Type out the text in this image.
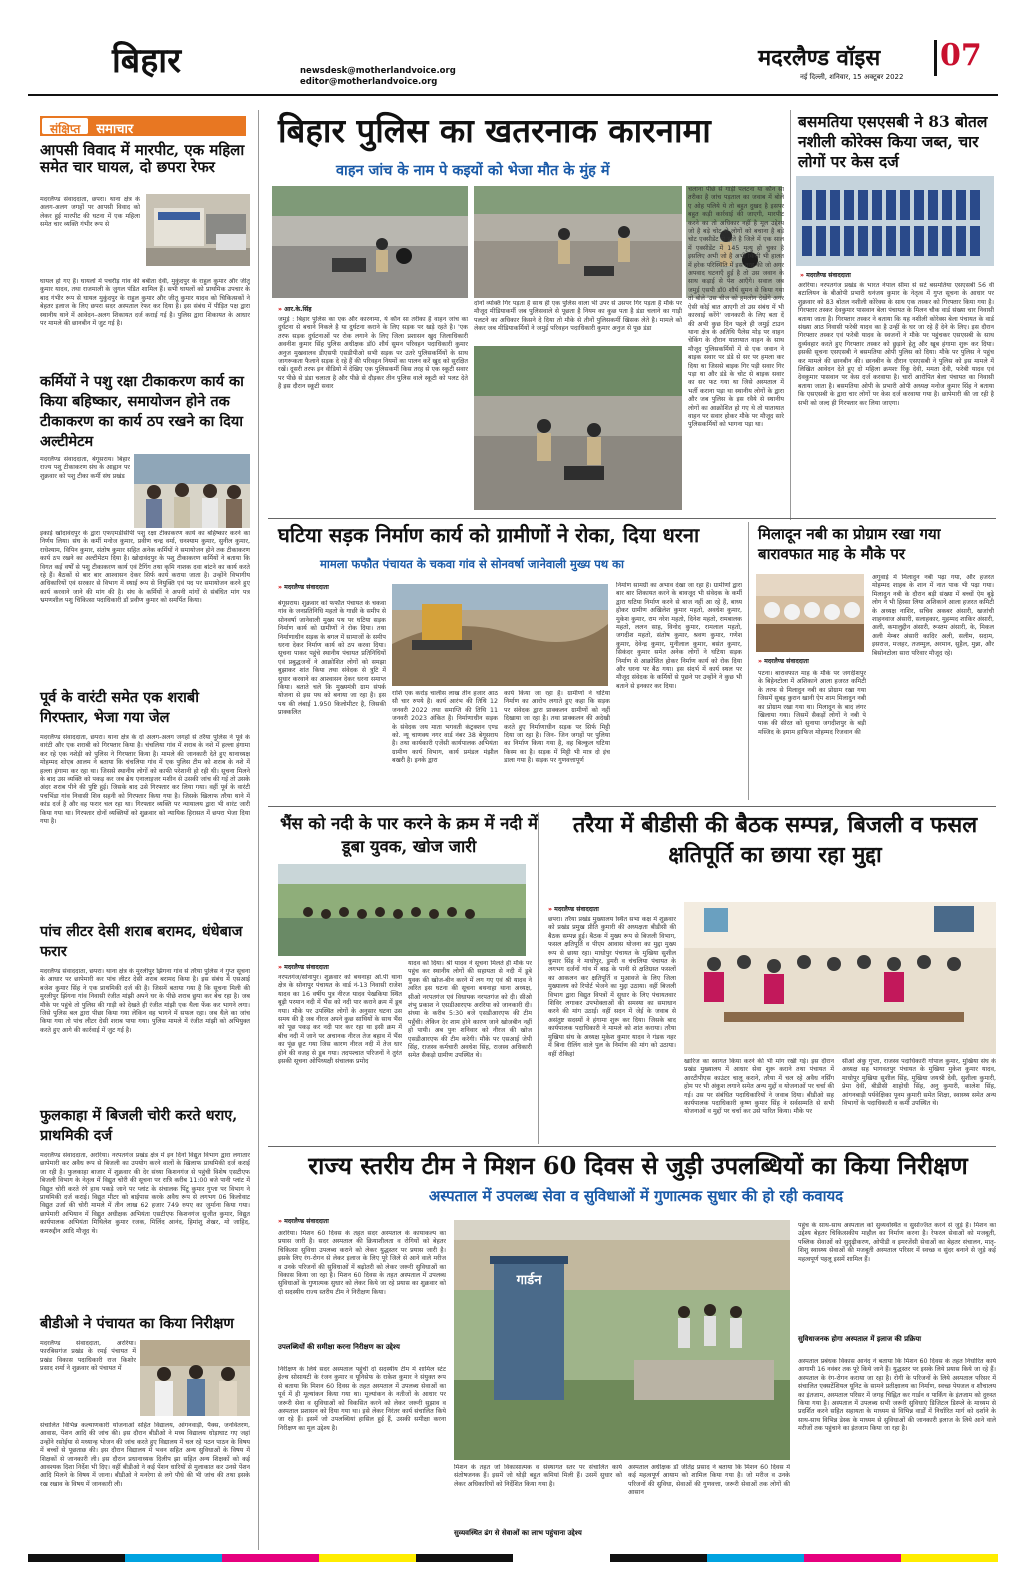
बिहार	newsdesk@motherlandvoice.org
editor@motherlandvoice.org
मदरलैण्ड वॉइस 07
नई दिल्ली, शनिवार, 15 अक्टूबर 2022
संक्षिप्त	समाचार
आपसी विवाद में मारपीट, एक महिला समेत चार घायल, दो छपरा रेफर
मदरलैण्ड संवाददाता, छपरा। थाना क्षेत्र के अलग-अलग जगहों पर आपसी विवाद को लेकर हुई मारपीट की घटना में एक महिला समेत चार व्यक्ति गंभीर रूप से
घायल हो गए हैं। घायलों में पचरौड़ गांव की बबीता देवी, मुकुंदपुर के राहुल कुमार और जीतू कुमार यादव, तथा राजमाली के जुगल पंडित शामिल हैं। सभी घायलों को प्राथमिक उपचार के बाद गंभीर रूप से घायल मुकुंदपुर के राहुल कुमार और जीतू कुमार यादव को चिकित्सकों ने बेहतर इलाज के लिए छपरा सदर अस्पताल रेफर कर दिया है। इस संबंध में पीड़ित पक्ष द्वारा स्थानीय थाने में आवेदन–अलग शिकायत दर्ज कराई गई है। पुलिस द्वारा शिकायत के आधार पर मामले की छानबीन में जुट गई है।
कर्मियों ने पशु रक्षा टीकाकरण कार्य का किया बहिष्कार, समायोजन होने तक टीकाकरण का कार्य ठप रखने का दिया अल्टीमेटम
मदरलैण्ड संवाददाता, बेगूसराय। बिहार राज्य पशु टीकाकरण संघ के आह्वान पर शुक्रवार को पशु टीका कर्मी संघ प्रखंड
इकाई खोदावंदपुर के द्वारा एफएमडीसीपी पशु रक्षा टीकाकरण कार्य का बहिष्कार करने का निर्णय लिया। संघ के कर्मी मनोज कुमार, प्रवीण चन्द्र वर्मा, धनश्याम कुमार, सुनील कुमार, राधेश्याम, विपिन कुमार, संतोष कुमार सहित अनेक कर्मियों ने समायोजन होने तक टीकाकरण कार्य ठप रखने का अल्टीमेटम दिया है। खोदावंदपुर के पशु टीकाकरण कर्मियों ने बताया कि विगत कई वर्षों से पशु टीकाकरण कार्य एवं टैगिंग तथा कृमि नाशक दवा बांटने का कार्य करते रहे हैं। बैठकों से बार बार आश्वासन देकर सिर्फ कार्य कराया जाता है। उन्होंने विभागीय अधिकारियों एवं सरकार से विभाग में स्थाई रूप से नियुक्ति एवं पद पर समायोजन करने हुए कार्य करवाने जाने की मांग की है। संघ के कर्मियों ने अपनी मांगों से संबंधित मांग पत्र भ्रमणशील पशु चिकित्सा पदाधिकारी डॉ प्रवीण कुमार को समर्पित किया।
पूर्व के वारंटी समेत एक शराबी गिरफ्तार, भेजा गया जेल
मदरलैण्ड संवाददाता, छपरा। थाना क्षेत्र के दो अलग-अलग जगहों से तरैया पुलिस ने पूर्व के वारंटी और एक शराबी को गिरफ्तार किया है। चंचलिया गांव में शराब के नशे में हल्ला हंगामा कर रहे एक नशेड़ी को पुलिस ने गिरफ्तार किया है। मामले की जानकारी देते हुए थानाध्यक्ष मोहम्मद शोएब आलम ने बताया कि चंचलिया गांव में एक पुलिस टीम को शराब के नशे में हल्ला हंगामा कर रहा था। जिससे स्थानीय लोगों को काफी परेशानी हो रही थी। सूचना मिलने के बाद उस व्यक्ति को पकड़ कर जब ब्रेथ एनालाइजर मशीन से उसकी जांच की गई तो उसके अंदर शराब पीने की पुष्टि हुई। जिसके बाद उसे गिरफ्तार कर लिया गया। वहीं पूर्व के वारंटी पचभिंडा गांव निवासी शिव सहनी को गिरफ्तार किया गया है। जिसके खिलाफ तरैया थाने में कांड दर्ज है और वह फरार चल रहा था। गिरफ्तार व्यक्ति पर न्यायालय द्वारा भी वारंट जारी किया गया था। गिरफ्तार दोनों व्यक्तियों को शुक्रवार को न्यायिक हिरासत में छपरा भेजा दिया गया है।
पांच लीटर देसी शराब बरामद, धंधेबाज फरार
मदरलैण्ड संवाददाता, छपरा। थाना क्षेत्र के मुरलीपुर झिंगना गांव से तरैया पुलिस ने गुप्त सूचना के आधार पर छापेमारी कर पांच लीटर देसी शराब बरामद किया है। इस संबंध में एसआई बजेश कुमार सिंह ने एक प्राथमिकी दर्ज की है। जिसमें बताया गया है कि सूचना मिली की मुरलीपुर झिंगना गांव निवासी रंजीत मांझी अपने घर के पीछे शराब छुपा कर बेच रहा है। जब मौके पर पहुंचे तो पुलिस की गाड़ी को देखते ही रंजीत मांझी एक थैला फेंक कर भागने लगा। जिसे पुलिस बल द्वारा पीछा किया गया लेकिन वह भागने में सफल रहा। जब थैले का जांच किया गया तो पांच लीटर देसी शराब पाया गया। पुलिस मामले में रंजीत मांझी को अभियुक्त करते हुए आगे की कार्रवाई में जुट गई है।
फुलकाहा में बिजली चोरी करते धराए, प्राथमिकी दर्ज
मदरलैण्ड संवाददाता, अररिया। नरपतगंज प्रखंड क्षेत्र में इन दिनों विद्युत विभाग द्वारा लगातार छापेमारी कर अवैध रूप से बिजली का उपयोग करने वालों के खिलाफ प्राथमिकी दर्ज कराई जा रही है। फुलकाहा बाजार में शुक्रवार की देर संध्या किशनगंज से पहुंची विशेष एसटीएफ बिजली विभाग के नेतृत्व में विद्युत चोरी की सूचना पर रात्रि करीब 11:00 बजे पानी प्लांट में विद्युत चोरी करते रंगे हाथ पकड़े जाने पर प्लांट के संचालक पिंटू कुमार गुप्ता पर विभाग ने प्राथमिकी दर्ज कराई। विद्युत मीटर को बाईपास करके अवैध रूप से लगभग 06 किलोवाट विद्युत उर्जा की चोरी मामले में तीन लाख 62 हजार 749 रुपए का जुर्माना किया गया। छापेमारी अभियान में विद्युत अधीक्षक अभियंता एसटीएफ किशनगंज सुजीत कुमार, विद्युत कार्यपालक अभियंता मिथिलेश कुमार रजक, मिलिंद आनंद, हिमांशु शेखर, मो जाहिद, कमरुद्दीन आदि मौजूद थे।
बीडीओ ने पंचायत का किया निरीक्षण
मदरलैण्ड संवाददाता, अररिया। फारबिसगंज प्रखंड के रमई पंचायत में प्रखंड विकास पदाधिकारी राज किशोर प्रसाद शर्मा ने शुक्रवार को पंचायत में
संचालित विभिन्न कल्याणकारी योजनाओं सहित विद्यालय, आंगनवाड़ी, पैक्स, जनवितरण, आवास, पेंशन आदि की जांच की। इस दौरान बीडीओ ने मध्य विद्यालय धोड़ाघाट गए जहां उन्होंने रसोईया से मध्यान्ह भोजन की जांच करते हुए विद्यालय में चल रहे पठन पाठन के विषय में बच्चों से पूछताछ की। इस दौरान विद्यालय में भवन सहित अन्य सुविधाओं के विषय में शिक्षकों से जानकारी ली। इस दौरान प्रधानाध्यक दिलीप झा सहित अन्य शिक्षकों को कई आवश्यक दिशा निर्देश भी दिए। वहीं बीडीओ ने कई पेंशन धारियों से मुलाकात कर उनसे पेंशन आदि मिलने के विषय में जाना। बीडीओ ने मनरेगा से लगे पौधे की भी जांच की तथा इसके रख रखाव के विषय में जानकारी ली।
बिहार पुलिस का खतरनाक कारनामा
वाहन जांच के नाम पे कइयों को भेजा मौत के मुंह में
» आर.के.सिंह
जमुई : बिहार पुलिस का एक और कारनामा, ये कौन सा तरीका है वाहन जांच का दुर्घटना से बचाने निकले है या दुर्घटना कराने के लिए सड़क पर खड़े रहते है। 'एक तरफ सड़क दुर्घटनाओं पर रोक लगाने के लिए जिला प्रशासन खुद जिलाधिकारी अवनीश कुमार सिंह पुलिस अधीक्षक डॉ0 शौर्य सुमन परिवहन पदाधिकारी कुमार अनुज मुखवालव डीएसपी एसडीपीओ सभी सड़क पर उतरे पुलिसकर्मियों के साथ जागरूकता फैलाने सड़क दे रहे हैं की परिवहन नियमों का पालन करें खुद को सुरक्षित रखें। दूसरी तरफ इन वीडियो में देखिए एक पुलिसकर्मी किस तरह से एक स्कूटी सवार पर पीछे से डंडा चलाता है और पीछे से दौड़कर तीन पुलिस वाले स्कूटी को पलट देते है इस दौरान स्कूटी सवार
दोनों व्यक्ति गिर पड़ता है साथ ही एक पुलिस वाला भी उपर से उसपर गिर पड़ता है मौके पर मौजूद मीडियाकर्मी जब पुलिसवाले से पूछता है नियम का कुछ पता है डंडा चलाने का गाड़ी पलटने का अधिकार किसने दे दिया तो मौके से तीनों पुलिसकर्मी खिसक लेते है। मामले को लेकर जब मीडियाकर्मियों ने जमुई परिवहन पदाधिकारी कुमार अनुज से पूछ डंडा
चलाना पीछे से गाड़ी पलटना या कौन सा तरीका है जांच पड़ताल का जवाब में बोले ए ओह पलिये ये तो बहुत दुखद है इसपर बहुत कड़ी कार्रवाई की जाएगी, मारपीट करने का तो अधिकार नहीं है मूल उद्देश्य जो है बड़े चोट से लोगों को बचाना है बड़े चोट एक्सीडेंट से होते है जिले में एक साल में एक्सीडेंट में 145 मृत्यु हो चुका है इसलिए अभी जो है अभी किसी भी हालत में हरेक परिस्थिति में इस तरह की जो अगर अपवाद घटनाएँ हुई है तो उस जवान के साथ कड़ाई से पेश आएँगे। सवाल जब जमुई एसपी डॉ0 शौर्य सुमन से किया गया तो बोले 'उस चीज को हमलोग देखेंगे अगर ऐसी कोई बात आएगी तो उस संबंध में भी कारवाई करेंगे' जानकारी के लिए बता दें की अभी कुछ दिन पहले ही जमुई टाउन थाना क्षेत्र के अतिथि पैलेस मोड़ पर वाहन चेकिंग के दौरान यातायात वाहन के साथ मौजूद पुलिसकर्मियों में से एक जवान ने बाइक सवार पर डंडे से सर पर हमला कर दिया था जिससे बाइक गिर पड़ी सवार गिर पड़ा था और डंडे के चोट से बाइक सवार का सर फट गया था जिसे अस्पताल में भर्ती कराना पड़ा था स्थानीय लोगों के द्वारा और जब पुलिस के इस रवैये से स्थानीय लोगों का आक्रोशित हो गए थे तो यातायात वाहन पर सवार होकर मौके पर मौजूद सारे पुलिसकर्मियों को भागना पड़ा था।
बसमतिया एसएसबी ने 83 बोतल नशीली कोरेक्स किया जब्त, चार लोगों पर केस दर्ज
» मदरलैण्ड संवाददाता
अररिया। नरपतगंज प्रखंड के भारत नेपाल सीमा से सटे बसमतिया एसएसबी 56 वीं बटालियन के बीओपी प्रभारी धनंजय कुमार के नेतृत्व में गुप्त सूचना के आधार पर शुक्रवार को 83 बोतल नशीली कोरेक्स के साथ एक तस्कर को गिरफ्तार किया गया है। गिरफ्तार तस्कर देवकुमार पासवान बेला पंचायत के मिलन चौक वार्ड संख्या चार निवासी बताया जाता है। गिरफ्तार तस्कर ने बताया कि यह नशीली कोरेक्स बेला पंचायत के वार्ड संख्या आठ निवासी फरेबी यादव का है उन्हीं के घर जा रहे हैं देने के लिए। इस दौरान गिरफ्तार तस्कर एवं फरेबी यादव के स्वजनों ने मौके पर पहुंचकर एसएसबी के साथ दुर्व्यवहार करते हुए गिरफ्तार तस्कर को छुड़ाने हेतु और खूब हंगामा शुरू कर दिया। इसकी सूचना एसएसबी ने बसमतिया ओपी पुलिस को दिया। मौके पर पुलिस ने पहुंच कर मामले की छानबीन की। छानबीन के दौरान एसएसबी ने पुलिस को इस मामले में लिखित आवेदन देते हुए दो महिला क्रमशः रिंकू देवी, ममता देवी, फरेबी यादव एवं देवकुमार पासवान पर केस दर्ज करवाया है। चारों आरोपित बेला पंचायत का निवासी बताया जाता है। बसमतिया ओपी के प्रभारी ओपी अध्यक्ष मनोज कुमार सिंह ने बताया कि एसएसबी के द्वारा चार लोगों पर केस दर्ज करवाया गया है। छापेमारी की जा रही है सभी को जल्द ही गिरफ्तार कर लिया जाएगा।
घटिया सड़क निर्माण कार्य को ग्रामीणों ने रोका, दिया धरना
मामला फफौत पंचायत के चकवा गांव से सोनवर्षा जानेवाली मुख्य पथ का
» मदरलैण्ड संवाददाता
बेगूसराय। शुक्रवार को फफौत पंचायत के चकवा गांव के जनप्रतिनिधि महतो के गाछी के समीप से सोनवर्षा जानेवाली मुख्य पथ पर घटिया सड़क निर्माण कार्य को ग्रामीणों ने रोक दिया। तथा निर्माणाधीन सड़क के बगल में सामाजों के समीप धरना देकर निर्माण कार्य को ठप करवा दिया। सूचना पाकर पहुंचे स्थानीय पंचायत प्रतिनिधियों एवं प्रबुद्धजनों ने आक्रोशित लोगों को समझा बुझाकर शांत किया तथा संवेदक से त्रुटि में सुधार करवाने का आश्वासन देकर धरना समाप्त किया। बताते चले कि मुख्यमंत्री ग्राम संपर्क योजना से इस पथ को बनाया जा रहा है। इस पथ की लंबाई 1.950 किलोमीटर है, जिसकी प्राक्कलित
राशि एक करोड़ चालीस लाख तीन हजार आठ सौ चार रुपये है। कार्य आरंभ की तिथि 12 जनवरी 2022 तथा समाप्ति की तिथि 11 जनवरी 2023 अंकित है। निर्माणाधीन सड़क के संवेदक जय माता भगवती कंट्रक्शन एण्ड को. न्यू चाणक्य नगर वार्ड नंबर 38 बेगूसराय है। तथा कार्यकारी एजेंसी कार्यपालक अभियंता ग्रामीण कार्य विभाग, कार्य प्रमंडल मंझौल बखरी है। इनके द्वारा
कार्य किया जा रहा है। ग्रामीणों ने घटिया निर्माण का आरोप लगाते हुए कहा कि सड़क पर संवेदक द्वारा प्राक्कलन ग्रामीणों को नहीं दिखाया जा रहा है। तथा प्राक्कलन की अदेखी करते हुए निर्माणाधीन सड़क पर सिर्फ मिट्टी दिया जा रहा है। जिन- जिन जगहों पर पुलिया का निर्माण किया गया है, वह बिल्कुल घटिया किस्म का है। सड़क में मिट्टी भी मात्र दो इंच डाला गया है। सड़क पर गुणवत्तापूर्ण
निर्माण सामग्री का अभाव देखा जा रहा है। ग्रामीणों द्वारा बार बार शिकायत करने के बावजूद भी संवेदक के कर्मी द्वारा घटिया निर्माण करने से बाज नहीं आ रहे हैं, बाध्य होकर ग्रामीण अखिलेश कुमार महतो, अवधेश कुमार, मुकेश कुमार, राम नरेश महतो, दिनेश महतो, रामबालक महतो, ललन साह, विनोद कुमार, रामलाल महतो, जगदीश महतो, संतोष कुमार, श्रवण कुमार, गणेश कुमार, देवेन्द्र कुमार, मुनीलाल कुमार, बसंत कुमार, सिकंदर कुमार समेत अनेक लोगों ने घटिया सड़क निर्माण से आक्रोशित होकर निर्माण कार्य को रोक दिया और धरना पर बैठ गया। इस संदर्भ में कार्य स्थल पर मौजूद संवेदक के कर्मियों से पूछने पर उन्होंने ने कुछ भी बताने से इनकार कर दिया।
मिलादून नबी का प्रोग्राम रखा गया बारावफात माह के मौके पर
» मदरलैण्ड संवाददाता
पटना। बारावफात माह के मौके पर जगदीशपुर के बिहेनटोला में अशिकाने आला हजरत कमिटी के तरफ से मिलादुन नबी का प्रोग्राम रखा गया जिसमें सुबह कुरान खानी ऐम शाम मिलादुन नबी का प्रोग्राम रखा गया था। मिलादुन के बाद लंगर खिलाया गया। जिसमें सैकड़ों लोगों ने नबी पे पाक की सीरत को सुनाया जगदीशपुर के बड़ी मस्जिद के इमाम हाफिज मोहम्मद रिजवान की
अगुवाई में मिलादुन नबी पढ़ा गया, और हजरत मोहम्मद शाहब के शान में नात पाक भी पढ़ा गया। मिलादुन नबी के दौरान बड़ी संख्या में बच्चों ऐम बूढ़े लोग ने भी हिस्सा लिया अशिकाने आला हजरत कमिटी के अध्यक्ष नाशिर, सचिव अकबर अंसारी, खजांची शाहनवाज अंसारी, सलाहकार, मुहम्मद शाकिर अंसारी, अली, कमालुद्दीन अंसारी, रूस्तम अंसारी, के, मिकल अली मेम्बर अंसारी कादिर अली, सलीम, सदाम, इसराज, मजहर, तजम्मुल, अरमान, सुहैल, मुन्ना, और बिसोनटोला सारा परिवार मौजूद रहे।
भैंस को नदी के पार करने के क्रम में नदी में डूबा युवक, खोज जारी
» मदरलैण्ड संवाददाता
नरपतगंज/सोनापुर। शुक्रवार को बथनाहा ओ.पी थाना क्षेत्र के सोनापुर पंचायत के वार्ड नं-13 निवासी राजेश यादव का 16 वर्षीय पुत्र नीरज यादव पेखकिया स्थित बूढ़ी परमान नदी में भैंस को नदी पार कराने क्रम में डूब गया। मौके पर उपस्थित लोगों के अनुसार घटना उस समय की है जब नीरज अपने कुछ साथियों के साथ भैंस को पूछ पकड़ कर नदी पार कर रहा था इसी क्रम में बीच नदी में जाने पर अचानक नीरज तेज बहाव में भैंस का पूंछ छूट गया जिस कारण नीरज नदी में तेज धार होने की वजह से डूब गया। तदपश्चात परिजनों ने तुरंत इसकी सूचना ओपिध्यक्षी संचालक प्रमोद
यादव को दिया। श्री यादव ने सूचना मिलते ही मौके पर पहुंच कर स्थानीय लोगों की सहायता से नदी में डूबे युवक की खोज-बीन करने में लग गए एवं श्री यादव ने त्वरित इस घटना की सूचना बथनाहा थाना अध्यक्ष, सीओ नरपतगंज एवं विधायक नरपतगंज को दी। सीओ शंभु प्रकाश ने एसडीआरएफ अररिया को जानकारी दी। संध्या के करीब 5:30 बजे एसडीआरएफ की टीम पहुँची। लेकिन देर शाम होने कारण जाने खोजबीन नहीं हो पायी। अब पुनः शनिवार को नीरज की खोज एसडीआरएफ की टीम करेगी। मौके पर एसआई जेपी सिंह, राजस्व कर्मचारी अवधेश सिंह, राजस्व अधिकारी समेत सैकड़ो ग्रामीण उपस्थित थे।
तरैया में बीडीसी की बैठक सम्पन्न, बिजली व फसल क्षतिपूर्ति का छाया रहा मुद्दा
» मदरलैण्ड संवाददाता
छपरा। तरैया प्रखंड मुख्यालय स्थित सभा कक्ष में शुक्रवार को प्रखंड प्रमुख प्रीति कुमारी की अध्यक्षता बीडीसी की बैठक सम्पन्न हुई। बैठक में मुख्य रूप से बिजली विभाग, फसल क्षतिपूर्ति व पीएम आवास योजना का मुद्दा मुख्य रूप से छाया रहा। माधोपुर पंचायत के मुखिया सुशील कुमार सिंह ने माधोपुर, डुमरी व चंचलिया पंचायत के लगभग दर्जनों गांव में बाढ़ के पानी से क्षतिग्रस्त फसलों का आकलन कर क्षतिपूर्ति व मुआवजे के लिए जिला मुख्यालय को रिपोर्ट भेजने का मुद्दा उठाया। वहीं बिजली विभाग द्वारा विद्युत विपत्रों में सुधार के लिए पंचायतवार शिविर लगाकर उपभोक्ताओं की समस्या का समाधान करने की मांग उठाई। वहीं सदन में जेई के जवाब से असंतुष्ट सदस्यों ने हंगामा शुरू कर दिया। जिसके बाद कार्यपालक पदाधिकारी ने मामले को शांत कराया। तरैया मुखिया संघ के अध्यक्ष मुकेश कुमार यादव ने गंडक नहर में बिना रीलिंग वाले पुल के निर्माण की मांग को उठाया। वहीं रोकिहां
खारिज का स्वागत किया करने की भी मांग रखी गई। इस दौरान प्रखंड मुख्यालय में आधार सेवा शुरू कराने तथा पंचायत में आरटीपीएस काउंटर चालू कराने, तरैया में चल रहे अवैध नर्सिंग होम पर भी अंकुश लगाने समेत अन्य मुद्दों व योजनाओं पर चर्चा की गई। उस पर संबंधित पदाधिकारियों ने जवाब दिया। बीडीओ सह कार्यपालक पदाधिकारी कृष्ण कुमार सिंह ने सर्वसम्मति से सभी योजनाओं व मुद्दों पर चर्चा कर उसे पारित किया। मौके पर
सीओ अंकु गुप्ता, राजस्व पदाधिकारी गोपाल कुमार, मुखिया संघ के अध्यक्ष सह भागवतपुर पंचायत के मुखिया मुकेश कुमार यादव, माधोपुर मुखिया सुशील सिंह, मुखिया जयश्री देवी, सुशीला कुमारी, प्रेमा देवी, बीडीसी शाहोधी सिंह, अनु कुमारी, कालेश सिंह, आंगनबाड़ी पर्यवेक्षिका पूनम कुमारी समेत शिक्षा, स्वास्थ्य समेत अन्य विभागों के पदाधिकारी व कर्मी उपस्थित थे।
राज्य स्तरीय टीम ने मिशन 60 दिवस से जुड़ी उपलब्धियों का किया निरीक्षण
अस्पताल में उपलब्ध सेवा व सुविधाओं में गुणात्मक सुधार की हो रही कवायद
» मदरलैण्ड संवाददाता
अररिया। मिशन 60 दिवस के तहत सदर अस्पताल के कायाकल्प का प्रयास जारी है। सदर अस्पताल की क्रियाशीलता व रोगियों को बेहतर चिकित्सा सुविधा उपलब्ध कराने को लेकर युद्धस्तर पर प्रयास जारी है। इसके लिए रंग-रोगन से लेकर इलाज के लिए पूरे जिले से आने वाले मरीज व उनके परिजनों की सुविधाओं में बढ़ोतरी को लेकर जरूरी सुविधाओं का विकास किया जा रहा है। मिशन 60 दिवस के तहत अस्पताल में उपलब्ध सुविधाओं के गुणात्मक सुधार को लेकर किये जा रहे प्रयास का शुक्रवार को दो सदस्यीय राज्य स्तरीय टीम ने निरीक्षण किया।
उपलब्धियों की समीक्षा करना निरीक्षण का उद्देश्य
निरीक्षण के लिये सदर अस्पताल पहुंची दो सदस्यीय टीम में शामिल स्टेट हेल्थ सोसायटी के रंजन कुमार व यूनिसेफ के राकेश कुमार ने संयुक्त रूप से बताया कि मिशन 60 दिवस के तहत अस्पताल में उपलब्ध सेवाओं का पूर्व में ही मूल्यांकन किया गया था। मूल्यांकन के नतीजों के आधार पर जरूरी सेवा व सुविधाओं को विकसित करने को लेकर जरूरी सुझाव व अस्पताल प्रशासन को दिया गया था। इसे लेकर निरंतर कार्य संचालित किये जा रहे हैं। इसमें जो उपलब्धियां हासिल हुई हैं, उसकी समीक्षा करना निरीक्षण का मूल उद्देश्य है।
गार्डन
मिशन के तहत जो विकासात्मक व संस्थागत स्तर पर संचालित कार्य संतोषजनक हैं। इसमें जो थोड़ी बहुत कमियां मिली हैं। उसमें सुधार को लेकर अधिकारियों को निर्देशित किया गया है।
सुव्यवस्थित ढंग से सेवाओं का लाभ पहुंचाना उद्देश्य
अस्पताल अधीक्षक डॉ जीतेंद्र प्रसाद ने बताया कि मिशन 60 दिवस में कई महत्वपूर्ण आयाम को शामिल किया गया है। जो मरीज व उनके परिजनों की सुविधा, सेवाओं की गुणवत्ता, जरूरी सेवाओं तक लोगों की आसान
पहुंच के साथ-साथ अस्पताल को सुव्यवस्थित व सुसज्जित करने से जुड़े हैं। मिशन का उद्देश्य बेहतर चिकित्सकीय माहौल का निर्माण करना है। रेफरल सेवाओं को मजबूती, पब्लिक सेवाओं को सुदृढ़ीकरण, ओपीडी व इमरजेंसी सेवाओं का बेहतर संचालन, मातृ-शिशु स्वास्थ्य सेवाओं की मजबूती अस्पताल परिसर में स्वच्छ व सुंदर बनाने से जुड़े कई महत्वपूर्ण पहलू इसमें शामिल हैं।
सुविधाजनक होगा अस्पताल में इलाज की प्रक्रिया
अस्पताल प्रबंधक विकास आनंद ने बताया कि मिशन 60 दिवस के तहत निर्धारित कार्य आगामी 16 नवंबर तक पूरे किये जाने हैं। युद्धस्तर पर इसके लिये प्रयास किये जा रहे हैं। अस्पताल के रंग-रोगन कराया जा रहा है। रोगी के परिजनों के लिये अस्पताल परिसर में संचालित एक्सटेंशियल यूनिट के सामने प्रतीक्षालय का निर्माण, स्वच्छ पेयजल व शौचालय का इंतजाम, अस्पताल परिसर में जगह चिह्नित कर गार्डन व पार्किंग के इंतजाम को दुरुस्त किया गया है। अस्पताल में उपलब्ध सभी जरूरी सुविधाएं डिजिटल डिस्प्ले के माध्यम से प्रदर्शित करने सहित सहायता के माध्यम से विभिन्न वार्डों में निर्धारित मार्ग को दर्शाने के साथ-साथ विभिन्न डेस्क के माध्यम से सुविधाओं की जानकारी इलाज के लिये आने वाले मरीजों तक पहुंचाने का इंतजाम किया जा रहा है।
